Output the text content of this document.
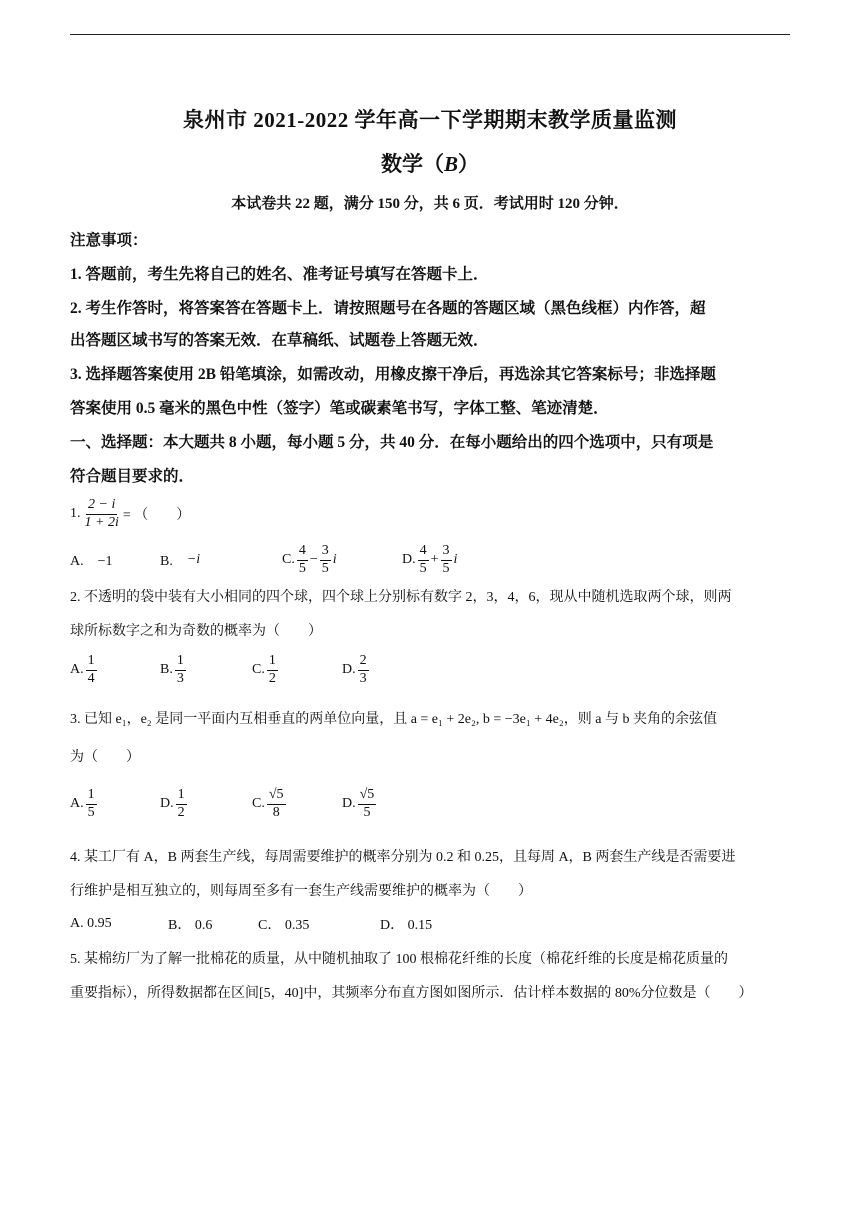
泉州市 2021-2022 学年高一下学期期末教学质量监测
数学（B）
本试卷共 22 题，满分 150 分，共 6 页．考试用时 120 分钟．
注意事项：
1. 答题前，考生先将自己的姓名、准考证号填写在答题卡上．
2. 考生作答时，将答案答在答题卡上．请按照题号在各题的答题区域（黑色线框）内作答，超
出答题区域书写的答案无效．在草稿纸、试题卷上答题无效．
3. 选择题答案使用 2B 铅笔填涂，如需改动，用橡皮擦干净后，再选涂其它答案标号；非选择题
答案使用 0.5 毫米的黑色中性（签字）笔或碳素笔书写，字体工整、笔迹清楚．
一、选择题：本大题共 8 小题，每小题 5 分，共 40 分．在每小题给出的四个选项中，只有项是
符合题目要求的．
1. $\frac{2 - i}{1 + 2i}$ = （　　）
A.　−1	B.　 −i	C. $\frac{4}{5} - \frac{3}{5}$ i	D. $\frac{4}{5} + \frac{3}{5}$ i
2. 不透明的袋中装有大小相同的四个球，四个球上分别标有数字 2，3，4，6，现从中随机选取两个球，则两
球所标数字之和为奇数的概率为（　　）
A. $\frac{1}{4}$	B. $\frac{1}{3}$	C. $\frac{1}{2}$	D. $\frac{2}{3}$
3. 已知 e₁，e₂ 是同一平面内互相垂直的两单位向量，且 a = e₁ + 2e₂, b = −3e₁ + 4e₂，则 a 与 b 夹角的余弦值
为（　　）
A. $\frac{1}{5}$	D. $\frac{1}{2}$	C. $\frac{√5}{8}$	D. $\frac{√5}{5}$
4. 某工厂有 A，B 两套生产线，每周需要维护的概率分别为 0.2 和 0.25，且每周 A，B 两套生产线是否需要进
行维护是相互独立的，则每周至多有一套生产线需要维护的概率为（　　）
A. 0.95	B． 0.6	C． 0.35	D． 0.15
5. 某棉纺厂为了解一批棉花的质量，从中随机抽取了 100 根棉花纤维的长度（棉花纤维的长度是棉花质量的
重要指标），所得数据都在区间[5，40]中，其频率分布直方图如图所示．估计样本数据的 80%分位数是（　　）
